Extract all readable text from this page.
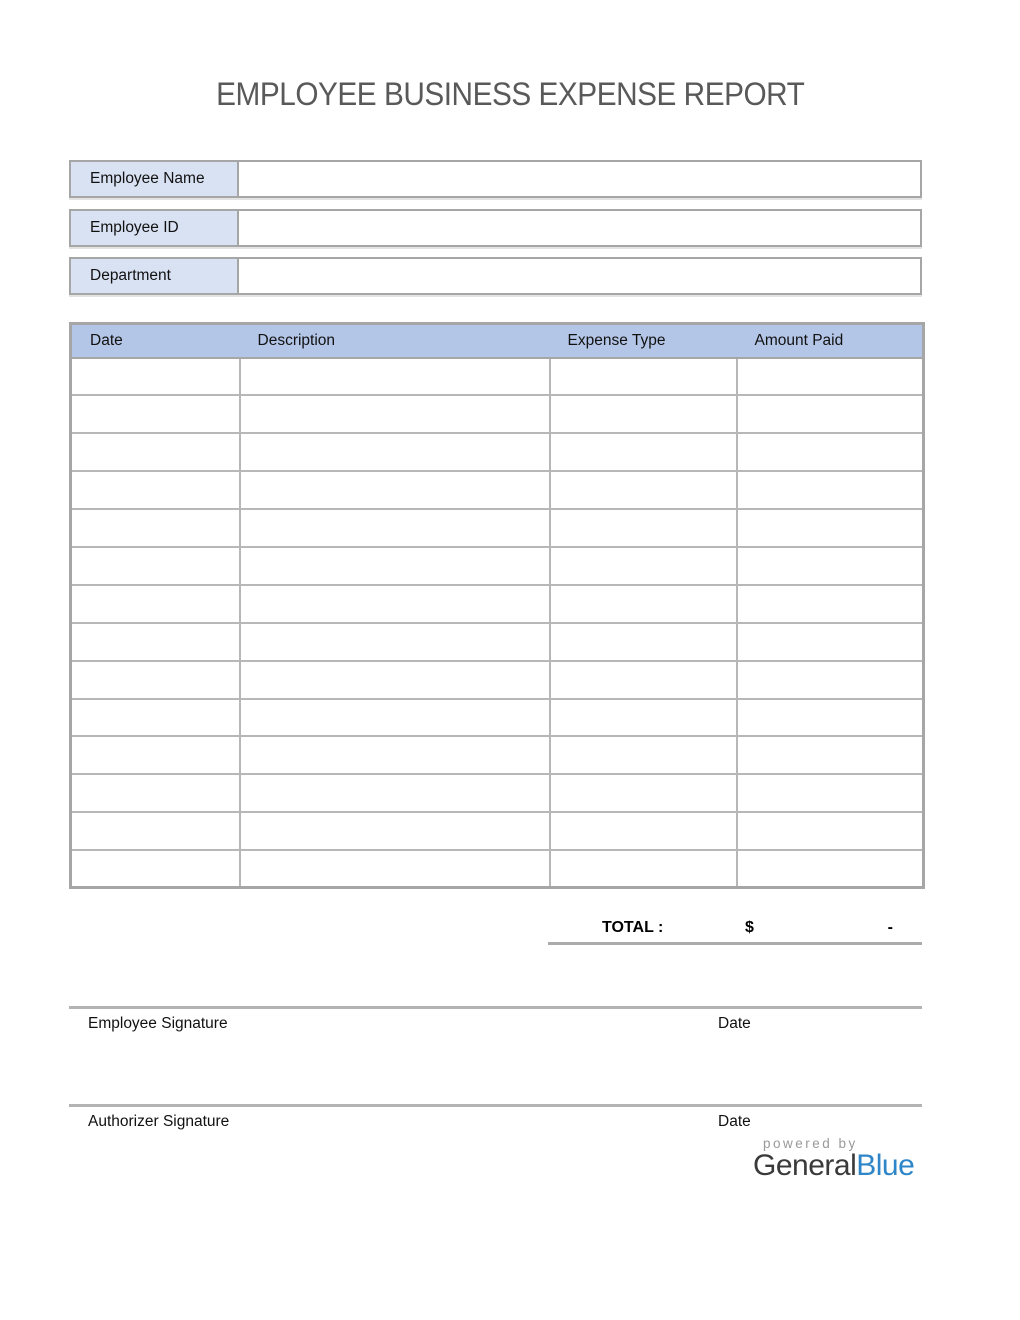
EMPLOYEE BUSINESS EXPENSE REPORT
Employee Name
Employee ID
Department
Date	Description	Expense Type	Amount Paid

TOTAL :	$	-
Employee Signature	Date
Authorizer Signature	Date
powered by
GeneralBlue
